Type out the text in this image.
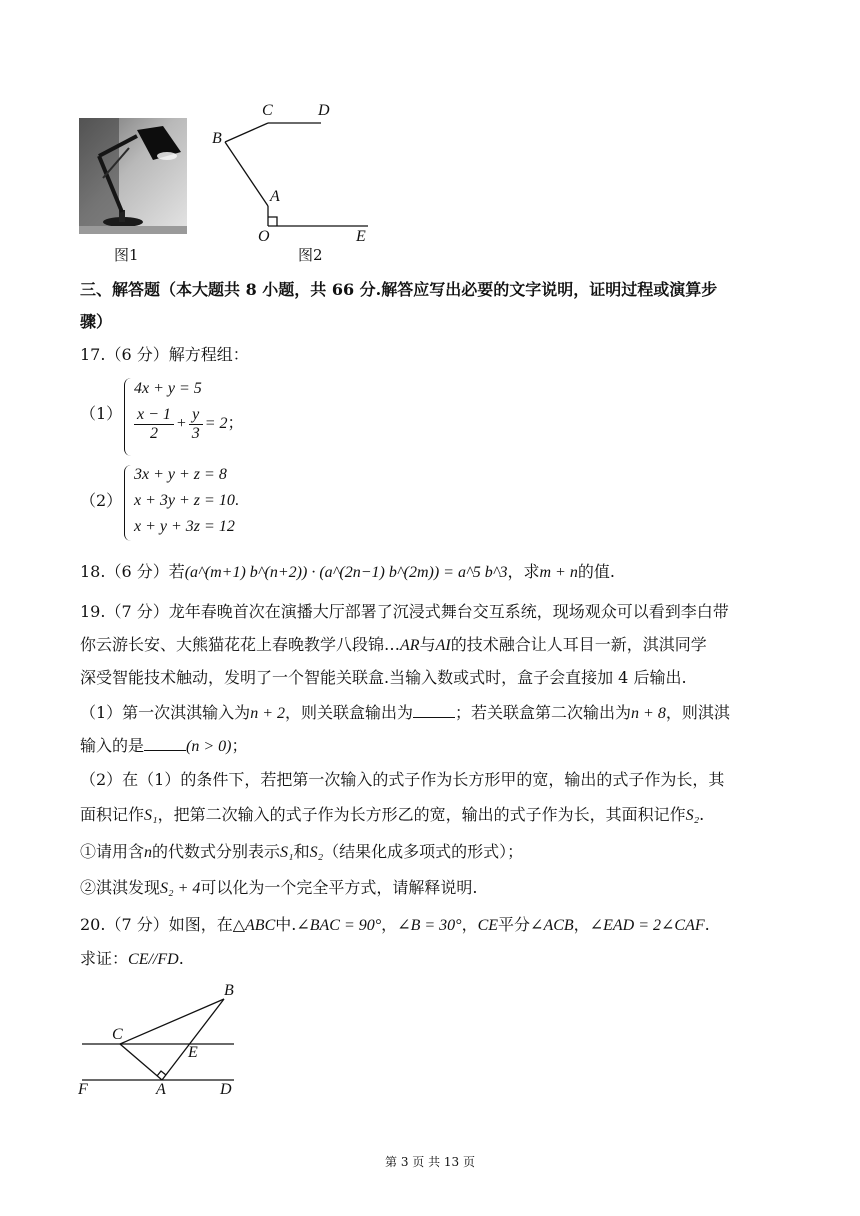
图1
C	D
B
A
O	E
图2
三、解答题（本大题共 8 小题，共 66 分.解答应写出必要的文字说明，证明过程或演算步
骤）
17.（6 分）解方程组：
（1）
4x + y = 5
$\frac{x - 1}{2} + \frac{y}{3} = 2$；
（2）
3x + y + z = 8
x + 3y + z = 10.
x + y + 3z = 12
18.（6 分）若(a^(m+1) b^(n+2)) · (a^(2n−1) b^(2m)) = a^5 b^3，求m + n的值.
19.（7 分）龙年春晚首次在演播大厅部署了沉浸式舞台交互系统，现场观众可以看到李白带
你云游长安、大熊猫花花上春晚教学八段锦…AR与AI的技术融合让人耳目一新，淇淇同学
深受智能技术触动，发明了一个智能关联盒.当输入数或式时，盒子会直接加 4 后输出.
（1）第一次淇淇输入为n + 2，则关联盒输出为	；若关联盒第二次输出为n + 8，则淇淇
输入的是	(n > 0)；
（2）在（1）的条件下，若把第一次输入的式子作为长方形甲的宽，输出的式子作为长，其
面积记作S₁，把第二次输入的式子作为长方形乙的宽，输出的式子作为长，其面积记作S₂.
①请用含n的代数式分别表示S₁和S₂（结果化成多项式的形式）；
②淇淇发现S₂ + 4可以化为一个完全平方式，请解释说明.
20.（7 分）如图，在△ABC中.∠BAC = 90°，∠B = 30°，CE平分∠ACB，∠EAD = 2∠CAF.
求证：CE//FD.
B
C
E
F	A	D
第 3 页 共 13 页
